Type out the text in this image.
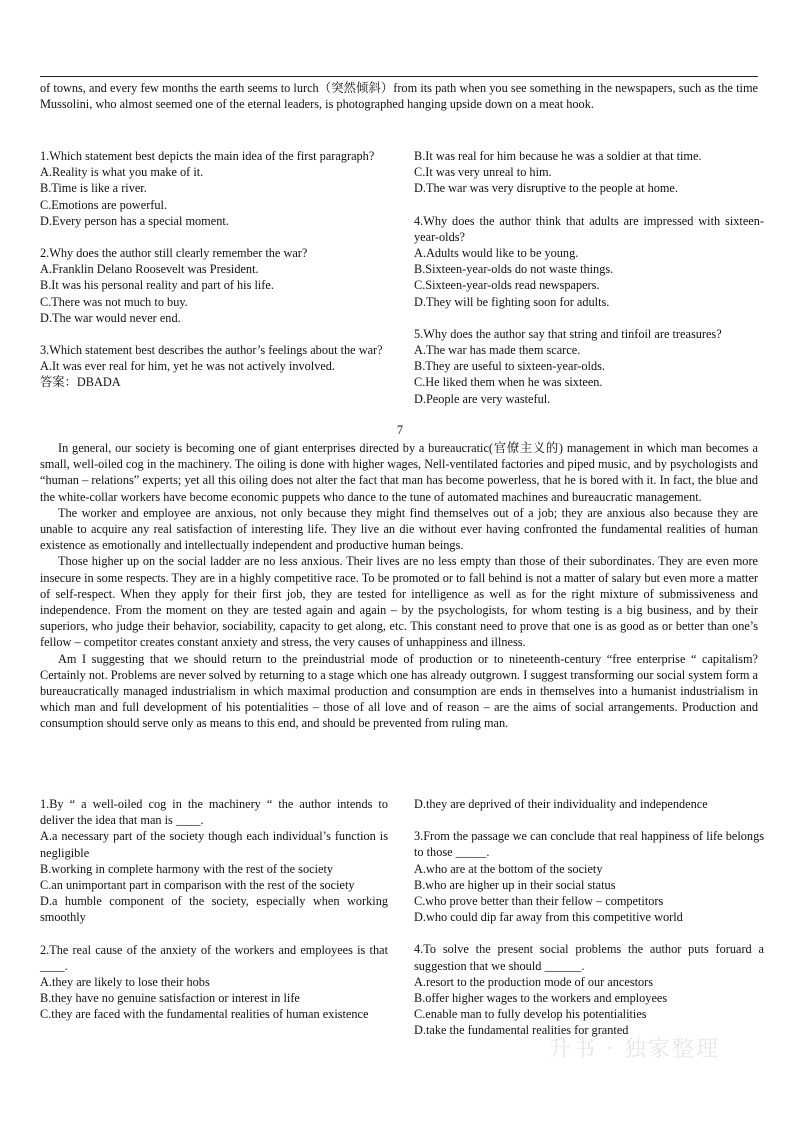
of towns, and every few months the earth seems to lurch（突然倾斜）from its path when you see something in the newspapers, such as the time Mussolini, who almost seemed one of the eternal leaders, is photographed hanging upside down on a meat hook.

1.Which statement best depicts the main idea of the first paragraph?

A.Reality is what you make of it.

B.Time is like a river.

C.Emotions are powerful.

D.Every person has a special moment.

2.Why does the author still clearly remember the war?

A.Franklin Delano Roosevelt was President.

B.It was his personal reality and part of his life.

C.There was not much to buy.

D.The war would never end.

3.Which statement best describes the author’s feelings about the war?

A.It was ever real for him, yet he was not actively involved.

答案：DBADA

B.It was real for him because he was a soldier at that time.

C.It was very unreal to him.

D.The war was very disruptive to the people at home.

4.Why does the author think that adults are impressed with sixteen-year-olds?

A.Adults would like to be young.

B.Sixteen-year-olds do not waste things.

C.Sixteen-year-olds read newspapers.

D.They will be fighting soon for adults.

5.Why does the author say that string and tinfoil are treasures?

A.The war has made them scarce.

B.They are useful to sixteen-year-olds.

C.He liked them when he was sixteen.

D.People are very wasteful.

7

In general, our society is becoming one of giant enterprises directed by a bureaucratic(官僚主义的) management in which man becomes a small, well-oiled cog in the machinery. The oiling is done with higher wages, Nell-ventilated factories and piped music, and by psychologists and “human – relations” experts; yet all this oiling does not alter the fact that man has become powerless, that he is bored with it. In fact, the blue and the white-collar workers have become economic puppets who dance to the tune of automated machines and bureaucratic management.

The worker and employee are anxious, not only because they might find themselves out of a job; they are anxious also because they are unable to acquire any real satisfaction of interesting life. They live an die without ever having confronted the fundamental realities of human existence as emotionally and intellectually independent and productive human beings.

Those higher up on the social ladder are no less anxious. Their lives are no less empty than those of their subordinates. They are even more insecure in some respects. They are in a highly competitive race. To be promoted or to fall behind is not a matter of salary but even more a matter of self-respect. When they apply for their first job, they are tested for intelligence as well as for the right mixture of submissiveness and independence. From the moment on they are tested again and again – by the psychologists, for whom testing is a big business, and by their superiors, who judge their behavior, sociability, capacity to get along, etc. This constant need to prove that one is as good as or better than one’s fellow – competitor creates constant anxiety and stress, the very causes of unhappiness and illness.

Am I suggesting that we should return to the preindustrial mode of production or to nineteenth-century “free enterprise “ capitalism? Certainly not. Problems are never solved by returning to a stage which one has already outgrown. I suggest transforming our social system form a bureaucratically managed industrialism in which maximal production and consumption are ends in themselves into a humanist industrialism in which man and full development of his potentialities – those of all love and of reason – are the aims of social arrangements. Production and consumption should serve only as means to this end, and should be prevented from ruling man.

1.By “ a well-oiled cog in the machinery “ the author intends to deliver the idea that man is ____.

A.a necessary part of the society though each individual’s function is negligible

B.working in complete harmony with the rest of the society

C.an unimportant part in comparison with the rest of the society

D.a humble component of the society, especially when working smoothly

2.The real cause of the anxiety of the workers and employees is that ____.

A.they are likely to lose their hobs

B.they have no genuine satisfaction or interest in life

C.they are faced with the fundamental realities of human existence

D.they are deprived of their individuality and independence

3.From the passage we can conclude that real happiness of life belongs to those _____.

A.who are at the bottom of the society

B.who are higher up in their social status

C.who prove better than their fellow – competitors

D.who could dip far away from this competitive world

4.To solve the present social problems the author puts foruard a suggestion that we should ______.

A.resort to the production mode of our ancestors

B.offer higher wages to the workers and employees

C.enable man to fully develop his potentialities

D.take the fundamental realities for granted

升书 · 独家整理
